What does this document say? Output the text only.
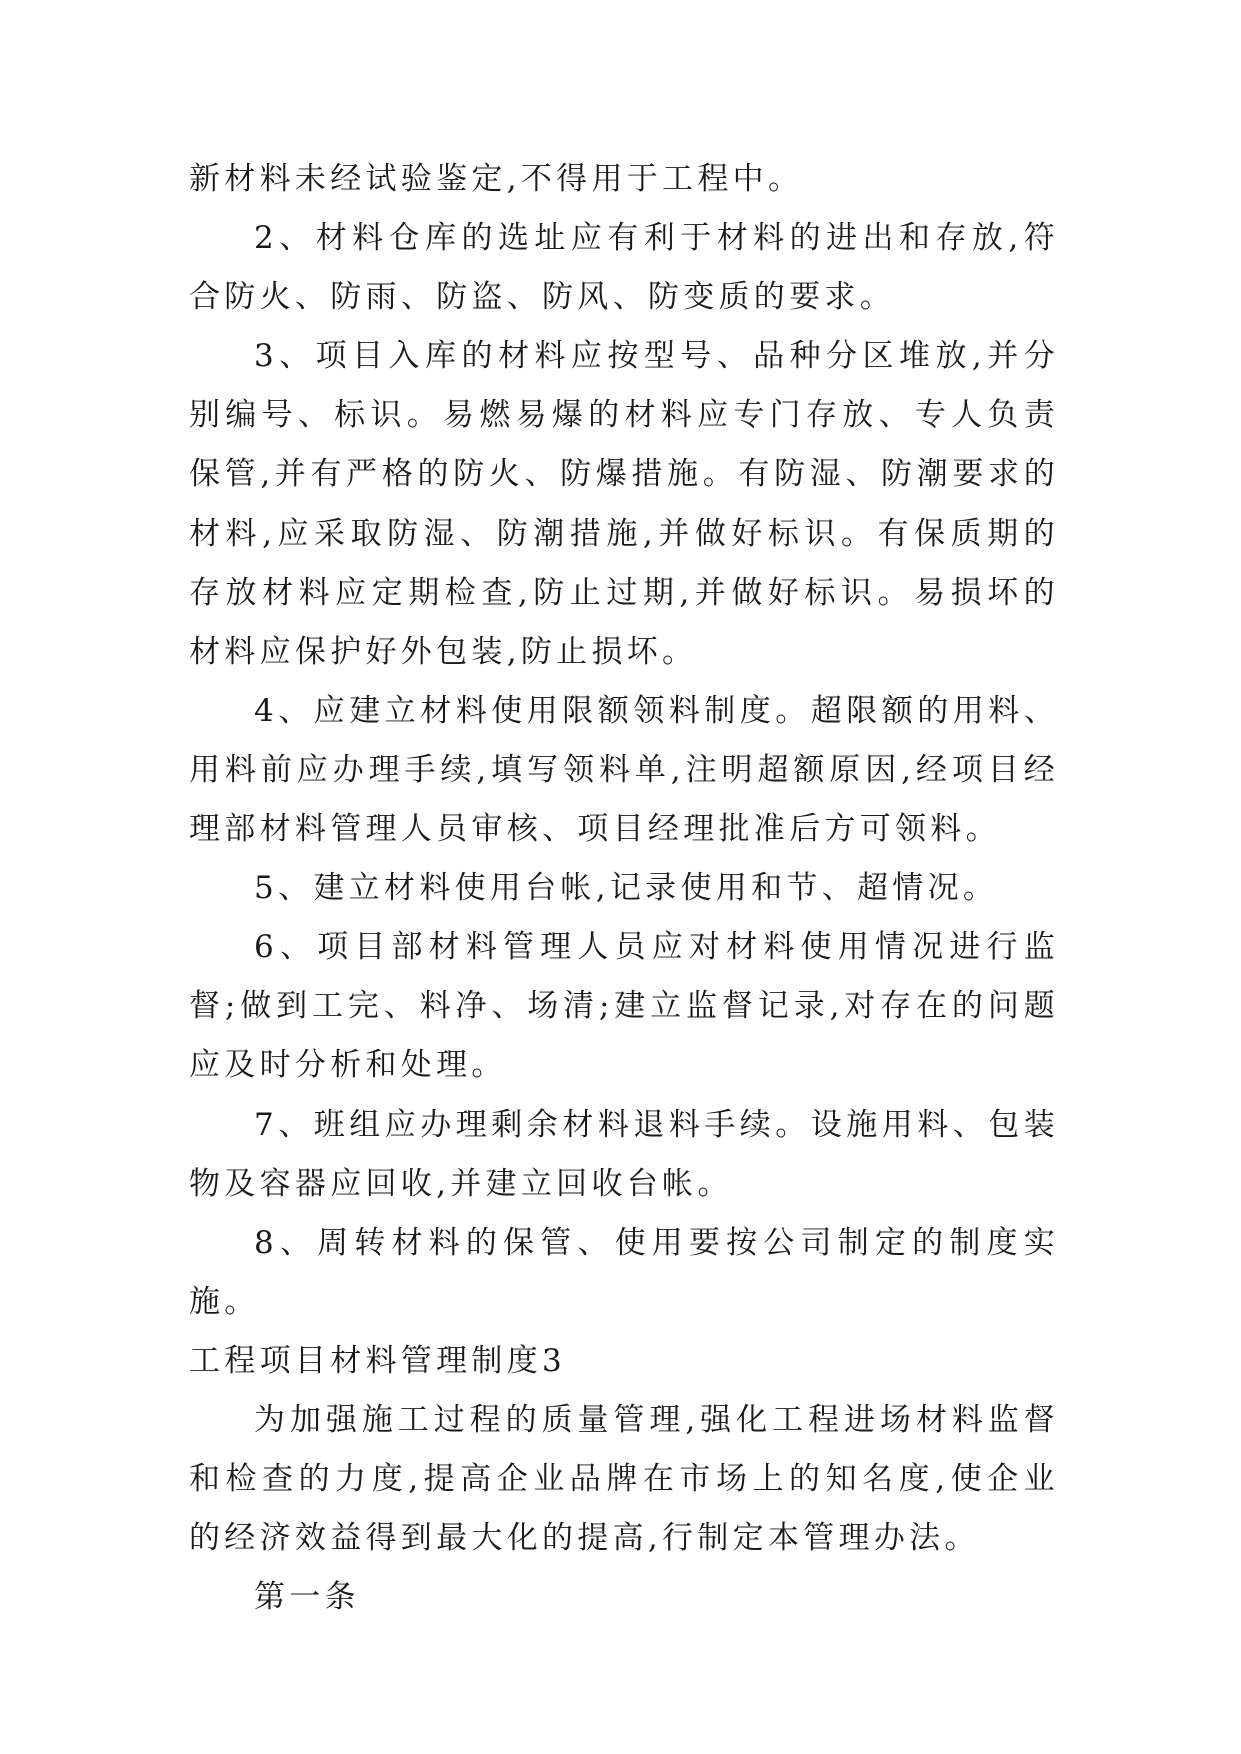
新材料未经试验鉴定,不得用于工程中。

2、材料仓库的选址应有利于材料的进出和存放,符合防火、防雨、防盗、防风、防变质的要求。

3、项目入库的材料应按型号、品种分区堆放,并分别编号、标识。易燃易爆的材料应专门存放、专人负责保管,并有严格的防火、防爆措施。有防湿、防潮要求的材料,应采取防湿、防潮措施,并做好标识。有保质期的存放材料应定期检查,防止过期,并做好标识。易损坏的材料应保护好外包装,防止损坏。

4、应建立材料使用限额领料制度。超限额的用料、用料前应办理手续,填写领料单,注明超额原因,经项目经理部材料管理人员审核、项目经理批准后方可领料。

5、建立材料使用台帐,记录使用和节、超情况。

6、项目部材料管理人员应对材料使用情况进行监督;做到工完、料净、场清;建立监督记录,对存在的问题应及时分析和处理。

7、班组应办理剩余材料退料手续。设施用料、包装物及容器应回收,并建立回收台帐。

8、周转材料的保管、使用要按公司制定的制度实施。

工程项目材料管理制度3

为加强施工过程的质量管理,强化工程进场材料监督和检查的力度,提高企业品牌在市场上的知名度,使企业的经济效益得到最大化的提高,行制定本管理办法。

第一条
